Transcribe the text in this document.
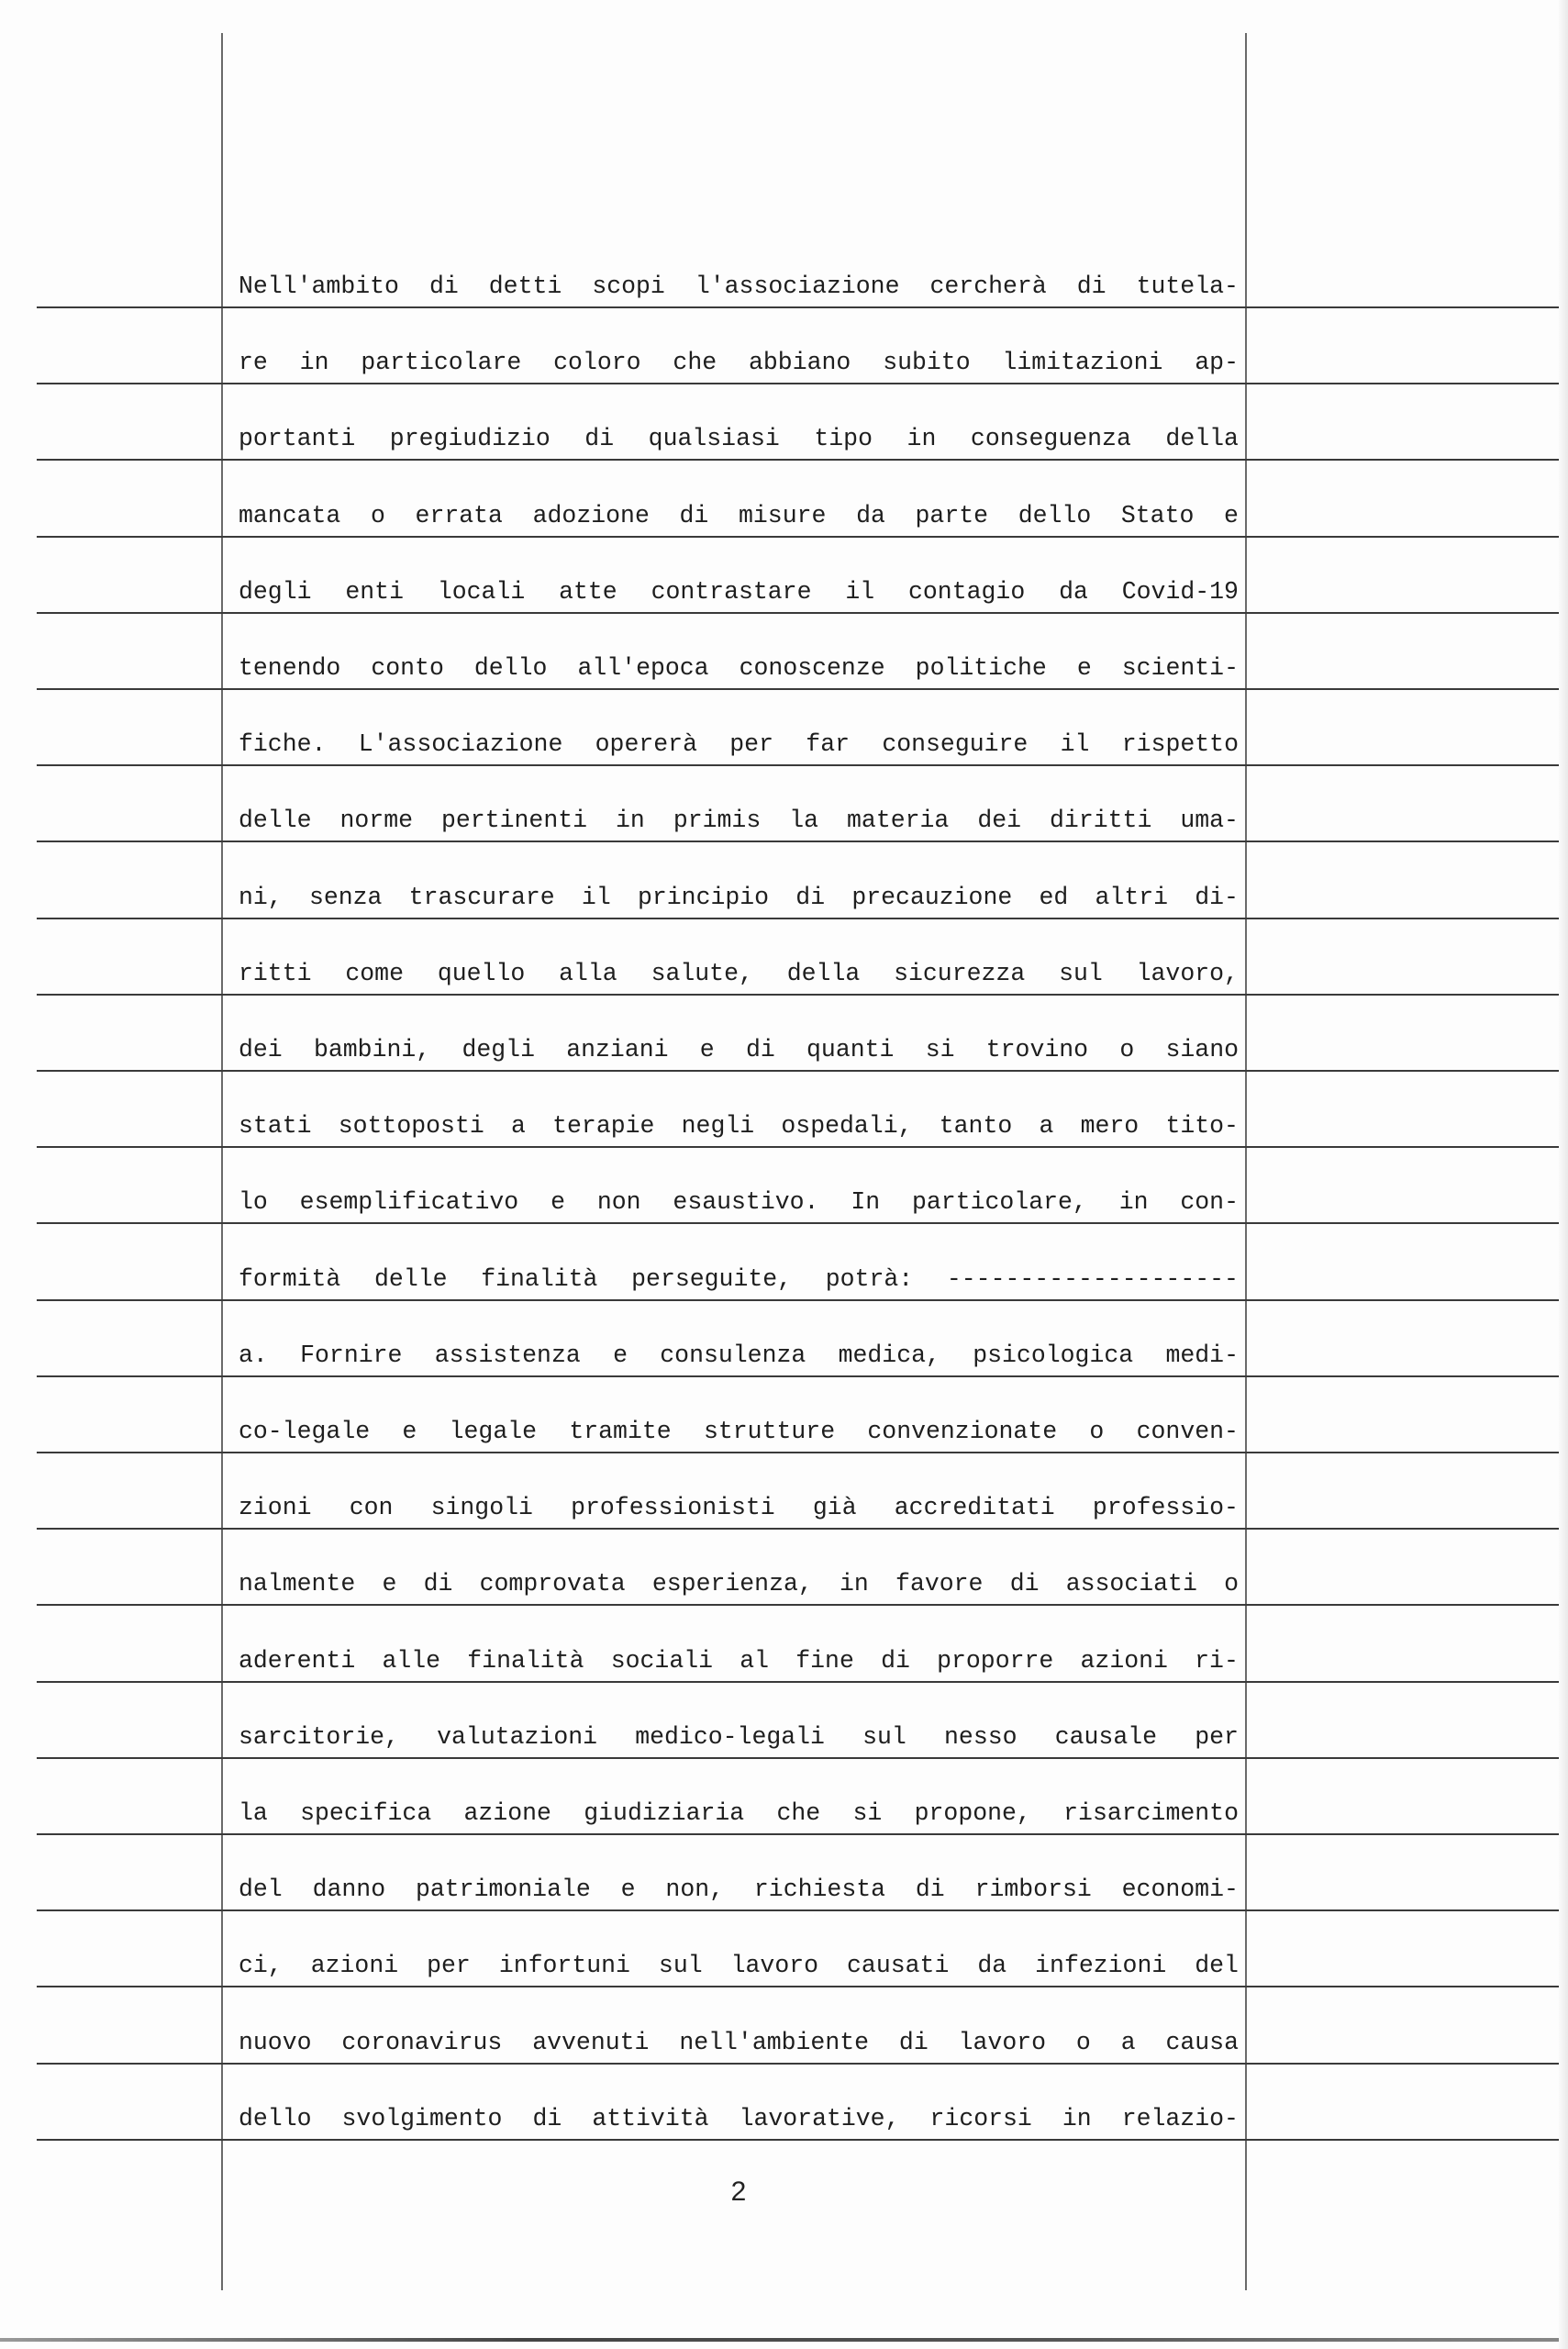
Nell'ambito di detti scopi l'associazione cercherà di tutela-
re in particolare coloro che abbiano subito limitazioni ap-
portanti pregiudizio di qualsiasi tipo in conseguenza della
mancata o errata adozione di misure da parte dello Stato e
degli enti locali atte contrastare il contagio da Covid-19
tenendo conto dello all'epoca conoscenze politiche e scienti-
fiche. L'associazione opererà per far conseguire il rispetto
delle norme pertinenti in primis la materia dei diritti uma-
ni, senza trascurare il principio di precauzione ed altri di-
ritti come quello alla salute, della sicurezza sul lavoro,
dei bambini, degli anziani e di quanti si trovino o siano
stati sottoposti a terapie negli ospedali, tanto a mero tito-
lo esemplificativo e non esaustivo. In particolare, in con-
formità delle finalità perseguite, potrà: --------------------
a. Fornire assistenza e consulenza medica, psicologica medi-
co-legale e legale tramite strutture convenzionate o conven-
zioni con singoli professionisti già accreditati professio-
nalmente e di comprovata esperienza, in favore di associati o
aderenti alle finalità sociali al fine di proporre azioni ri-
sarcitorie, valutazioni medico-legali sul nesso causale per
la specifica azione giudiziaria che si propone, risarcimento
del danno patrimoniale e non, richiesta di rimborsi economi-
ci, azioni per infortuni sul lavoro causati da infezioni del
nuovo coronavirus avvenuti nell'ambiente di lavoro o a causa
dello svolgimento di attività lavorative, ricorsi in relazio-
2
